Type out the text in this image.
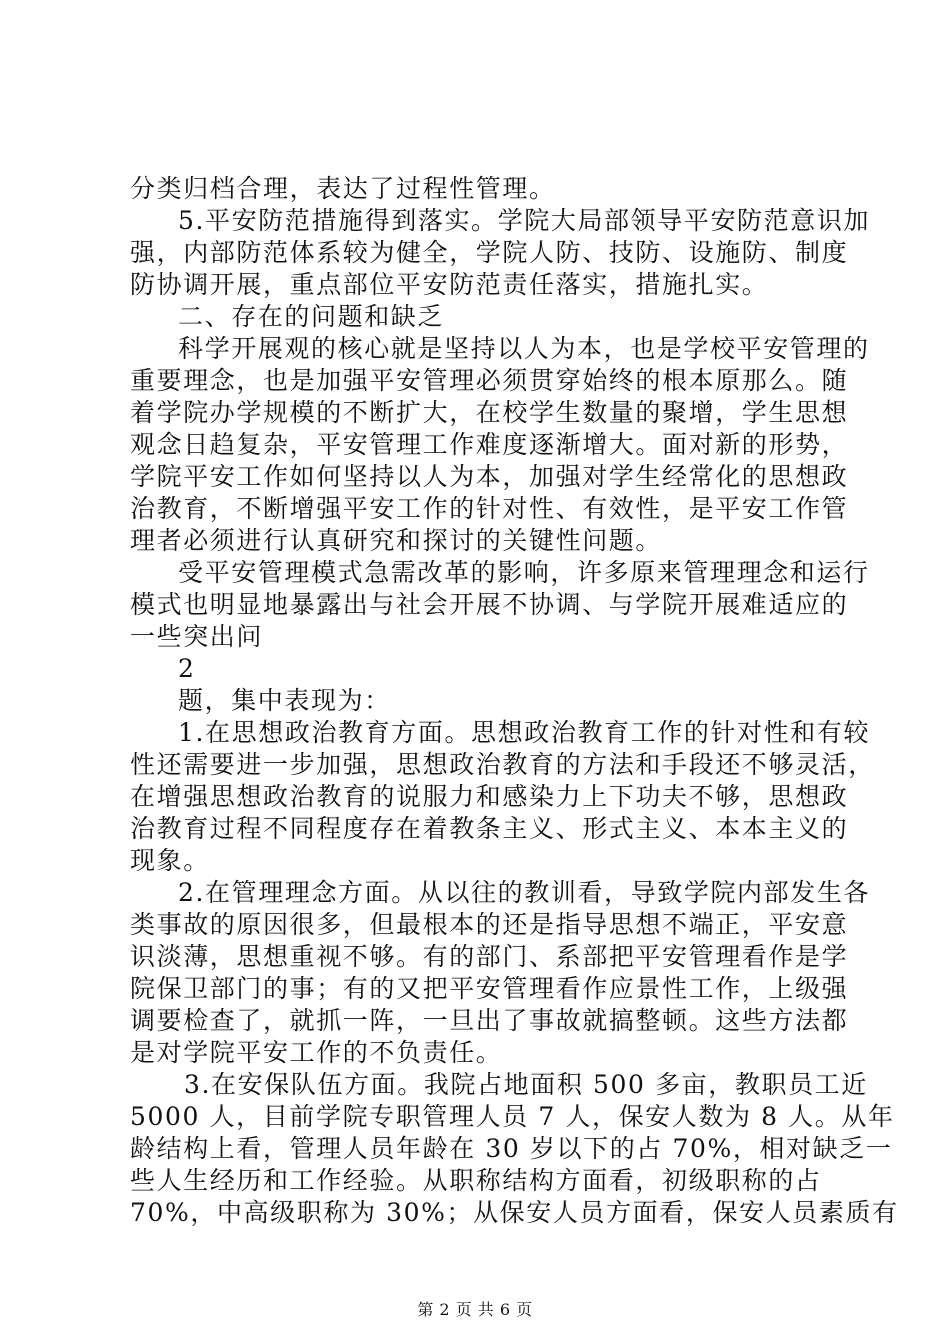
分类归档合理，表达了过程性管理。
5.平安防范措施得到落实。学院大局部领导平安防范意识加
强，内部防范体系较为健全，学院人防、技防、设施防、制度
防协调开展，重点部位平安防范责任落实，措施扎实。
二、存在的问题和缺乏
科学开展观的核心就是坚持以人为本，也是学校平安管理的
重要理念，也是加强平安管理必须贯穿始终的根本原那么。随
着学院办学规模的不断扩大，在校学生数量的聚增，学生思想
观念日趋复杂，平安管理工作难度逐渐增大。面对新的形势，
学院平安工作如何坚持以人为本，加强对学生经常化的思想政
治教育，不断增强平安工作的针对性、有效性，是平安工作管
理者必须进行认真研究和探讨的关键性问题。
受平安管理模式急需改革的影响，许多原来管理理念和运行
模式也明显地暴露出与社会开展不协调、与学院开展难适应的
一些突出问
2
题，集中表现为：
1.在思想政治教育方面。思想政治教育工作的针对性和有较
性还需要进一步加强，思想政治教育的方法和手段还不够灵活，
在增强思想政治教育的说服力和感染力上下功夫不够，思想政
治教育过程不同程度存在着教条主义、形式主义、本本主义的
现象。
2.在管理理念方面。从以往的教训看，导致学院内部发生各
类事故的原因很多，但最根本的还是指导思想不端正，平安意
识淡薄，思想重视不够。有的部门、系部把平安管理看作是学
院保卫部门的事；有的又把平安管理看作应景性工作，上级强
调要检查了，就抓一阵，一旦出了事故就搞整顿。这些方法都
是对学院平安工作的不负责任。
3.在安保队伍方面。我院占地面积 500 多亩，教职员工近
5000 人，目前学院专职管理人员 7 人，保安人数为 8 人。从年
龄结构上看，管理人员年龄在 30 岁以下的占 70%，相对缺乏一
些人生经历和工作经验。从职称结构方面看，初级职称的占
70%，中高级职称为 30%；从保安人员方面看，保安人员素质有
第 2 页 共 6 页
